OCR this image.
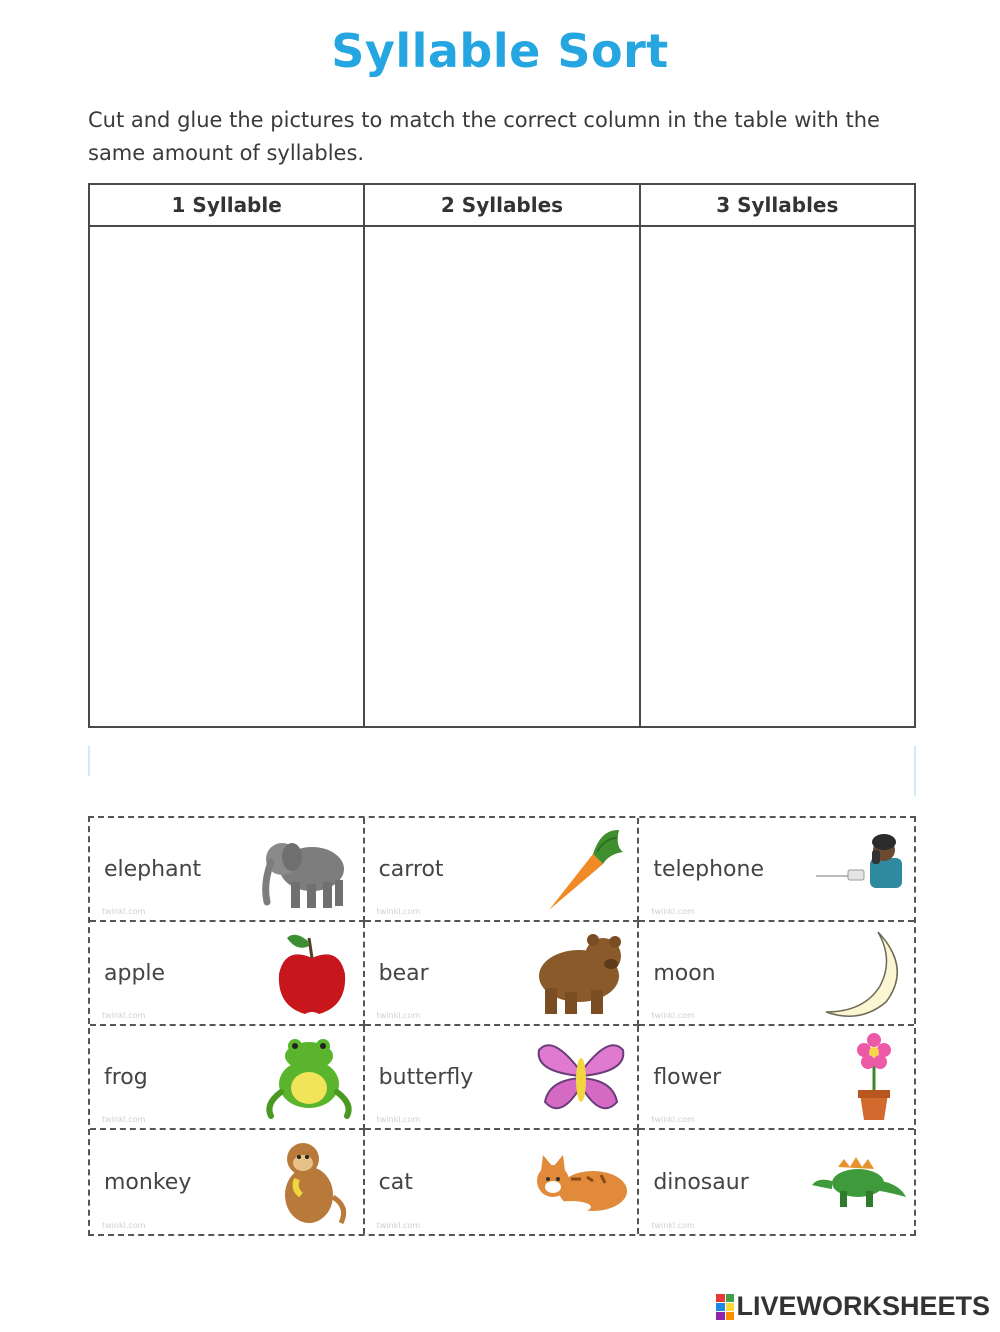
Syllable Sort
Cut and glue the pictures to match the correct column in the table with the same amount of syllables.
1 Syllable	2 Syllables	3 Syllables
elephant
twinkl.com
carrot
twinkl.com
telephone
twinkl.com
apple
twinkl.com
bear
twinkl.com
moon
twinkl.com
frog
twinkl.com
butterfly
twinkl.com
flower
twinkl.com
monkey
twinkl.com
cat
twinkl.com
dinosaur
twinkl.com
LIVEWORKSHEETS
